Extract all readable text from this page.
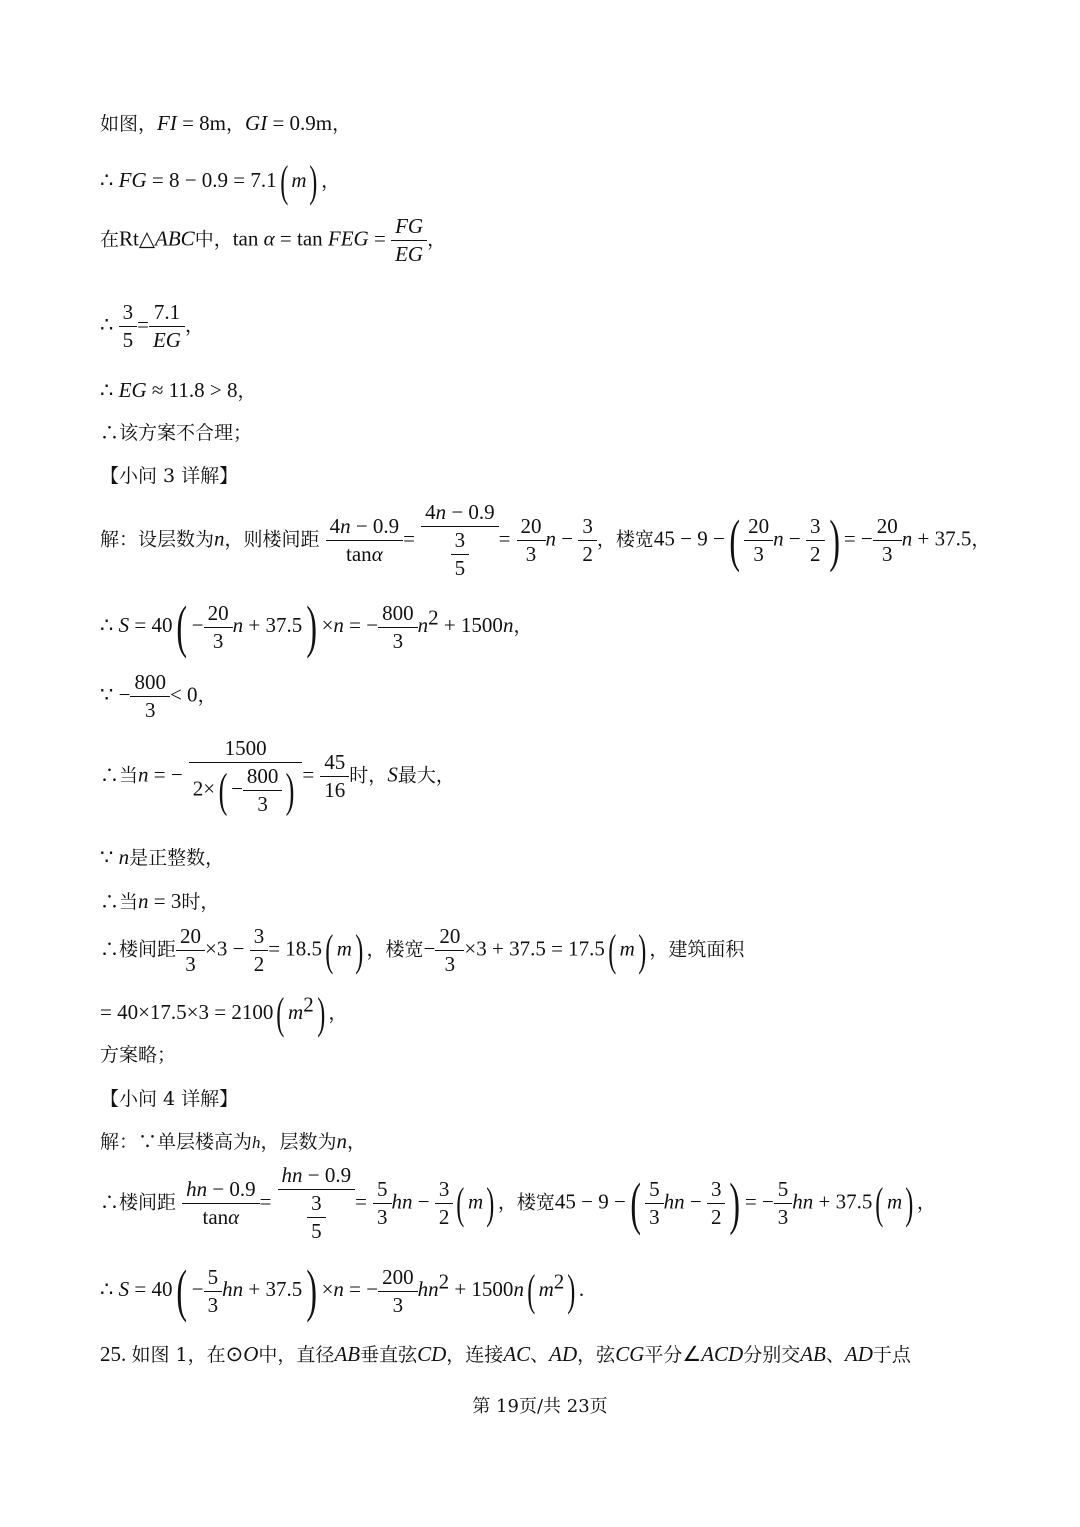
如图，FI = 8m，GI = 0.9m，
∴ FG = 8 − 0.9 = 7.1( m) ，
在Rt△ABC中，tan α = tan FEG = $\frac{FG}{EG}$ ，
∴ $\frac{3}{5} = \frac{7.1}{EG}$ ，
∴ EG ≈ 11.8 > 8，
∴该方案不合理；
【小问 3 详解】
解：设层数为n，则楼间距 $\frac{4n - 0.9}{\tan\alpha} = \frac{4n - 0.9}{\frac{3}{5}} = \frac{20}{3}$ $n - \frac{3}{2}$ ，楼宽45 − 9 −( $\frac{20}{3}$ $n - \frac{3}{2}$ ) = − $\frac{20}{3}$ n + 37.5，
∴ $S = 40( - \frac{20}{3}$ n + 37.5) ×n = − $\frac{800}{3} n^2 + 1500n$，
∵ − $\frac{800}{3} < 0$，
∴当n = − $\frac{1500}{2\times( - \frac{800}{3} )} = \frac{45}{16}$ 时，S最大，
∵ n是正整数，
∴当n = 3时，
∴楼间距 $\frac{20}{3} \times 3 - \frac{3}{2} = 18.5$( m) ，楼宽− $\frac{20}{3} \times 3 + 37.5 = 17.5$( m) ，建筑面积
= 40×17.5×3 = 2100( $m^2$) ，
方案略；
【小问 4 详解】
解：∵单层楼高为h，层数为n，
∴楼间距 $\frac{hn - 0.9}{\tan\alpha} = \frac{hn - 0.9}{\frac{3}{5}} = \frac{5}{3}$ hn − $\frac{3}{2}$ ( m) ，楼宽45 − 9 −( $\frac{5}{3}$ hn − $\frac{3}{2}$ ) = − $\frac{5}{3}$ hn + 37.5( m) ，
∴ $S = 40( - \frac{5}{3}$ hn + 37.5) ×n = − $\frac{200}{3} hn^2 + 1500n$( $m^2$) .
25. 如图 1，在⊙O中，直径AB垂直弦CD，连接AC、AD，弦CG平分∠ACD分别交AB、AD于点
第 19页/共 23页
